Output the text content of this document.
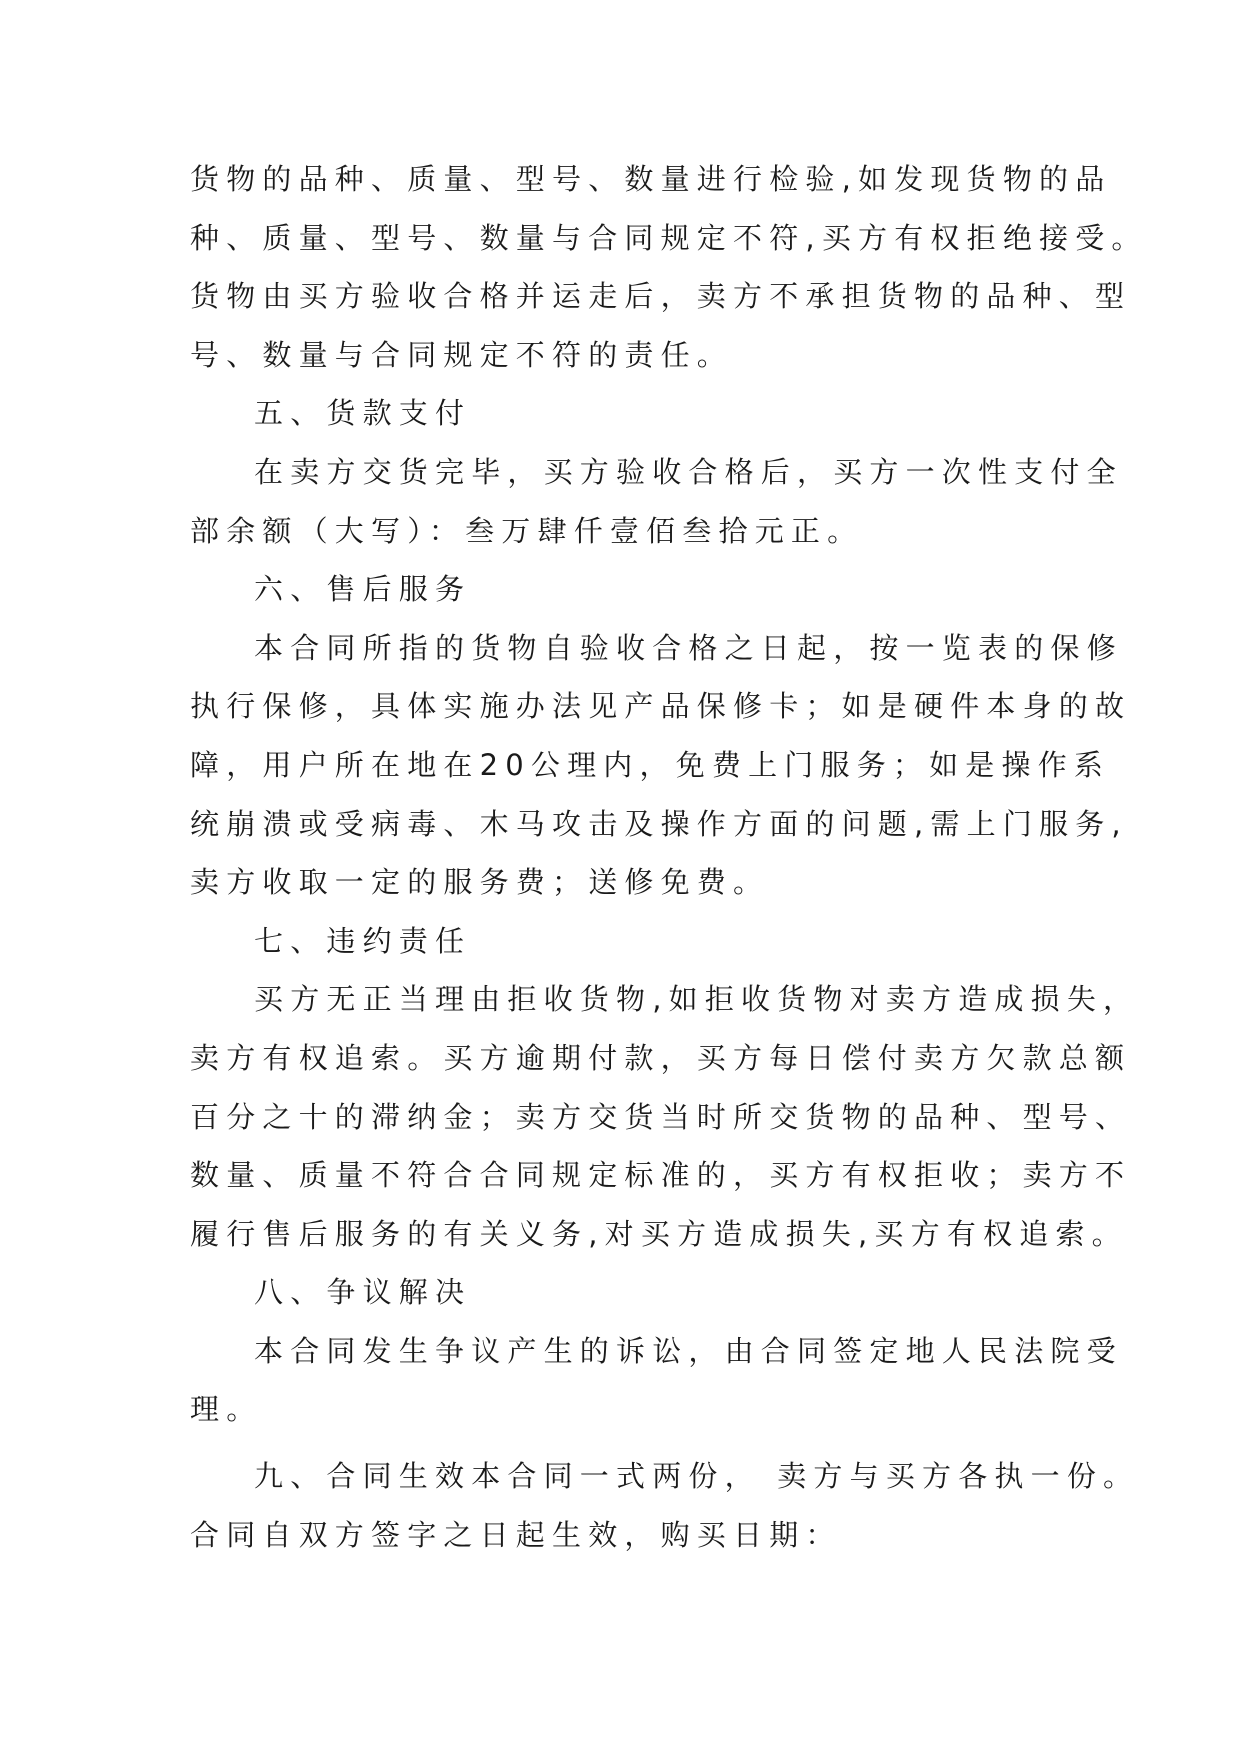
货物的品种、质量、型号、数量进行检验,如发现货物的品
种、质量、型号、数量与合同规定不符,买方有权拒绝接受。
货物由买方验收合格并运走后，卖方不承担货物的品种、型
号、数量与合同规定不符的责任。
五、货款支付
在卖方交货完毕，买方验收合格后，买方一次性支付全
部余额（大写）：叁万肆仟壹佰叁拾元正。
六、售后服务
本合同所指的货物自验收合格之日起，按一览表的保修
执行保修，具体实施办法见产品保修卡；如是硬件本身的故
障，用户所在地在20公理内，免费上门服务；如是操作系
统崩溃或受病毒、木马攻击及操作方面的问题,需上门服务,
卖方收取一定的服务费；送修免费。
七、违约责任
买方无正当理由拒收货物,如拒收货物对卖方造成损失，
卖方有权追索。买方逾期付款，买方每日偿付卖方欠款总额
百分之十的滞纳金；卖方交货当时所交货物的品种、型号、
数量、质量不符合合同规定标准的，买方有权拒收；卖方不
履行售后服务的有关义务,对买方造成损失,买方有权追索。
八、争议解决
本合同发生争议产生的诉讼，由合同签定地人民法院受
理。
九、合同生效本合同一式两份， 卖方与买方各执一份。
合同自双方签字之日起生效，购买日期：
